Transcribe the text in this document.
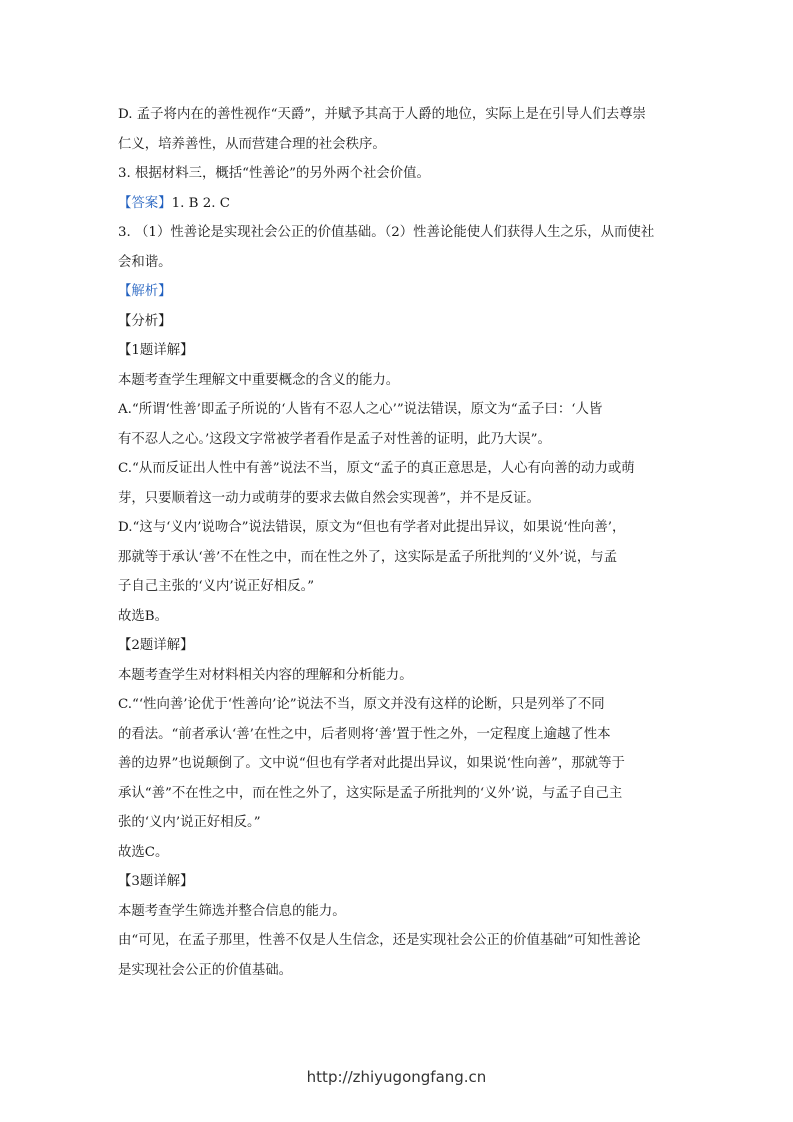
D. 孟子将内在的善性视作“天爵”，并赋予其高于人爵的地位，实际上是在引导人们去尊崇
仁义，培养善性，从而营建合理的社会秩序。
3. 根据材料三，概括“性善论”的另外两个社会价值。
【答案】1. B 2. C
3. （1）性善论是实现社会公正的价值基础。（2）性善论能使人们获得人生之乐，从而使社
会和谐。
【解析】
【分析】
【1题详解】
本题考查学生理解文中重要概念的含义的能力。
A.“所谓‘性善’即孟子所说的‘人皆有不忍人之心’”说法错误，原文为“孟子曰：‘人皆
有不忍人之心。’这段文字常被学者看作是孟子对性善的证明，此乃大误”。
C.“从而反证出人性中有善”说法不当，原文“孟子的真正意思是，人心有向善的动力或萌
芽，只要顺着这一动力或萌芽的要求去做自然会实现善”，并不是反证。
D.“这与‘义内’说吻合”说法错误，原文为“但也有学者对此提出异议，如果说‘性向善’，
那就等于承认‘善’不在性之中，而在性之外了，这实际是孟子所批判的‘义外’说，与孟
子自己主张的‘义内’说正好相反。”
故选B。
【2题详解】
本题考查学生对材料相关内容的理解和分析能力。
C.“‘性向善’论优于‘性善向’论”说法不当，原文并没有这样的论断，只是列举了不同
的看法。“前者承认‘善’在性之中，后者则将‘善’置于性之外，一定程度上逾越了性本
善的边界”也说颠倒了。文中说“但也有学者对此提出异议，如果说‘性向善”，那就等于
承认“善”不在性之中，而在性之外了，这实际是孟子所批判的‘义外’说，与孟子自己主
张的‘义内’说正好相反。”
故选C。
【3题详解】
本题考查学生筛选并整合信息的能力。
由“可见，在孟子那里，性善不仅是人生信念，还是实现社会公正的价值基础”可知性善论
是实现社会公正的价值基础。
http://zhiyugongfang.cn
